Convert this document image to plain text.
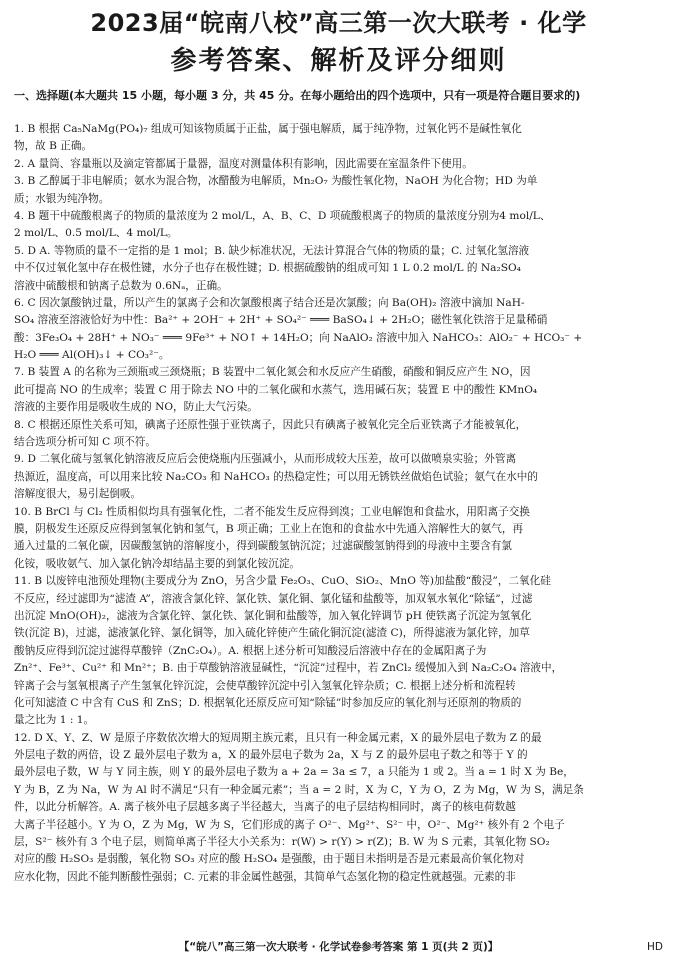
2023届“皖南八校”高三第一次大联考 · 化学
参考答案、解析及评分细则
一、选择题(本大题共 15 小题，每小题 3 分，共 45 分。在每小题给出的四个选项中，只有一项是符合题目要求的)
1. B 根据 Ca₅NaMg(PO₄)₇ 组成可知该物质属于正盐，属于强电解质，属于纯净物，过氧化钙不是碱性氧化
物，故 B 正确。
2. A 量筒、容量瓶以及滴定管都属于量器，温度对测量体积有影响，因此需要在室温条件下使用。
3. B 乙醇属于非电解质；氨水为混合物，冰醋酸为电解质，Mn₂O₇ 为酸性氧化物，NaOH 为化合物；HD 为单
质；水银为纯净物。
4. B 题干中硫酸根离子的物质的量浓度为 2 mol/L，A、B、C、D 项硫酸根离子的物质的量浓度分别为4 mol/L、
2 mol/L、0.5 mol/L、4 mol/L。
5. D A. 等物质的量不一定指的是 1 mol；B. 缺少标准状况，无法计算混合气体的物质的量；C. 过氧化氢溶液
中不仅过氧化氢中存在极性键，水分子也存在极性键；D. 根据硫酸钠的组成可知 1 L 0.2 mol/L 的 Na₂SO₄
溶液中硫酸根和钠离子总数为 0.6Nₐ，正确。
6. C 因次氯酸钠过量，所以产生的氯离子会和次氯酸根离子结合还是次氯酸；向 Ba(OH)₂ 溶液中滴加 NaH-
SO₄ 溶液至溶液恰好为中性：Ba²⁺ + 2OH⁻ + 2H⁺ + SO₄²⁻ ═══ BaSO₄↓ + 2H₂O；磁性氧化铁溶于足量稀硝
酸：3Fe₃O₄ + 28H⁺ + NO₃⁻ ═══ 9Fe³⁺ + NO↑ + 14H₂O；向 NaAlO₂ 溶液中加入 NaHCO₃：AlO₂⁻ + HCO₃⁻ +
H₂O ═══ Al(OH)₃↓ + CO₃²⁻。
7. B 装置 A 的名称为三颈瓶或三颈烧瓶；B 装置中二氧化氮会和水反应产生硝酸，硝酸和铜反应产生 NO，因
此可提高 NO 的生成率；装置 C 用于除去 NO 中的二氧化碳和水蒸气，选用碱石灰；装置 E 中的酸性 KMnO₄
溶液的主要作用是吸收生成的 NO，防止大气污染。
8. C 根据还原性关系可知，碘离子还原性强于亚铁离子，因此只有碘离子被氧化完全后亚铁离子才能被氧化，
结合选项分析可知 C 项不符。
9. D 二氧化硫与氢氧化钠溶液反应后会使烧瓶内压强减小，从而形成较大压差，故可以做喷泉实验；外管离
热源近，温度高，可以用来比较 Na₂CO₃ 和 NaHCO₃ 的热稳定性；可以用无锈铁丝做焰色试验；氨气在水中的
溶解度很大，易引起倒吸。
10. B BrCl 与 Cl₂ 性质相似均具有强氧化性，二者不能发生反应得到溴；工业电解饱和食盐水，用阳离子交换
膜，阴极发生还原反应得到氢氧化钠和氢气，B 项正确；工业上在饱和的食盐水中先通入溶解性大的氨气，再
通入过量的二氧化碳，因碳酸氢钠的溶解度小，得到碳酸氢钠沉淀；过滤碳酸氢钠得到的母液中主要含有氯
化铵，吸收氨气、加入氯化钠冷却结晶主要的到氯化铵沉淀。
11. B 以废锌电池预处理物(主要成分为 ZnO，另含少量 Fe₂O₃、CuO、SiO₂、MnO 等)加盐酸“酸浸”，二氧化硅
不反应，经过滤即为“滤渣 A”，溶液含氯化锌、氯化铁、氯化铜、氯化锰和盐酸等，加双氧水氧化“除锰”，过滤
出沉淀 MnO(OH)₂，滤液为含氯化锌、氯化铁、氯化铜和盐酸等，加入氧化锌调节 pH 使铁离子沉淀为氢氧化
铁(沉淀 B)，过滤，滤液氯化锌、氯化铜等，加入硫化锌使产生硫化铜沉淀(滤渣 C)，所得滤液为氯化锌，加草
酸钠反应得到沉淀过滤得草酸锌（ZnC₂O₄）。A. 根据上述分析可知酸浸后溶液中存在的金属阳离子为
Zn²⁺、Fe³⁺、Cu²⁺ 和 Mn²⁺；B. 由于草酸钠溶液显碱性，“沉淀”过程中，若 ZnCl₂ 缓慢加入到 Na₂C₂O₄ 溶液中，
锌离子会与氢氧根离子产生氢氧化锌沉淀，会使草酸锌沉淀中引入氢氧化锌杂质；C. 根据上述分析和流程转
化可知滤渣 C 中含有 CuS 和 ZnS；D. 根据氧化还原反应可知“除锰”时参加反应的氧化剂与还原剂的物质的
量之比为 1 : 1。
12. D X、Y、Z、W 是原子序数依次增大的短周期主族元素，且只有一种金属元素，X 的最外层电子数为 Z 的最
外层电子数的两倍，设 Z 最外层电子数为 a，X 的最外层电子数为 2a，X 与 Z 的最外层电子数之和等于 Y 的
最外层电子数，W 与 Y 同主族，则 Y 的最外层电子数为 a + 2a = 3a ≤ 7，a 只能为 1 或 2。当 a = 1 时 X 为 Be，
Y 为 B，Z 为 Na，W 为 Al 时不满足“只有一种金属元素”；当 a = 2 时，X 为 C，Y 为 O，Z 为 Mg，W 为 S，满足条
件，以此分析解答。A. 离子核外电子层越多离子半径越大，当离子的电子层结构相同时，离子的核电荷数越
大离子半径越小。Y 为 O，Z 为 Mg，W 为 S，它们形成的离子 O²⁻、Mg²⁺、S²⁻ 中，O²⁻、Mg²⁺ 核外有 2 个电子
层，S²⁻ 核外有 3 个电子层，则简单离子半径大小关系为：r(W) > r(Y) > r(Z)；B. W 为 S 元素，其氧化物 SO₂
对应的酸 H₂SO₃ 是弱酸，氧化物 SO₃ 对应的酸 H₂SO₄ 是强酸，由于题目未指明是否是元素最高价氧化物对
应水化物，因此不能判断酸性强弱；C. 元素的非金属性越强，其简单气态氢化物的稳定性就越强。元素的非
【“皖八”高三第一次大联考 · 化学试卷参考答案 第 1 页(共 2 页)】	HD
